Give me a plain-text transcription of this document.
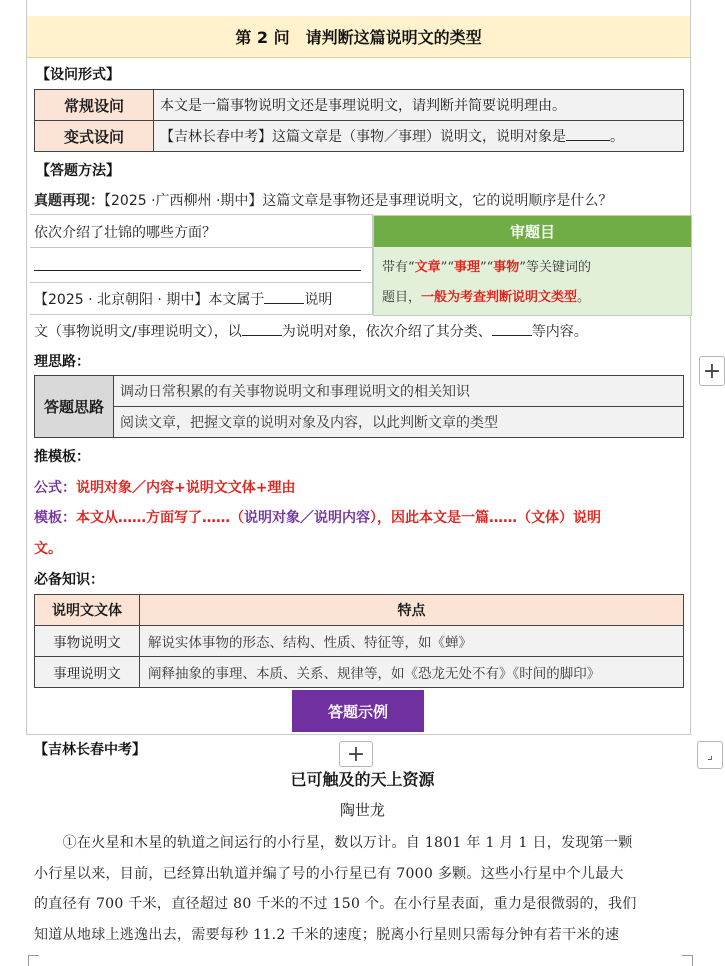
第 2 问　请判断这篇说明文的类型
【设问形式】
常规设问	本文是一篇事物说明文还是事理说明文，请判断并简要说明理由。
变式设问	【吉林长春中考】这篇文章是（事物／事理）说明文，说明对象是 。
【答题方法】
真题再现：【2025 ·广西柳州 ·期中】这篇文章是事物还是事理说明文，它的说明顺序是什么？
依次介绍了壮锦的哪些方面？
【2025 · 北京朝阳 · 期中】本文属于	说明
审题目
带有“文章”“事理”“事物”等关键词的
题目，一般为考查判断说明文类型。
文（事物说明文/事理说明文），以	为说明对象，依次介绍了其分类、	等内容。
理思路：
答题思路	调动日常积累的有关事物说明文和事理说明文的相关知识
阅读文章，把握文章的说明对象及内容，以此判断文章的类型
推模板：
公式：说明对象／内容+说明文文体+理由
模板：本文从……方面写了……（说明对象／说明内容），因此本文是一篇……（文体）说明
文。
必备知识：
说明文文体	特点
事物说明文	解说实体事物的形态、结构、性质、特征等，如《蝉》
事理说明文	阐释抽象的事理、本质、关系、规律等，如《恐龙无处不有》《时间的脚印》
答题示例
【吉林长春中考】	+
+
⌟
已可触及的天上资源
陶世龙
　　①在火星和木星的轨道之间运行的小行星，数以万计。自 1801 年 1 月 1 日，发现第一颗
小行星以来，目前，已经算出轨道并编了号的小行星已有 7000 多颗。这些小行星中个儿最大
的直径有 700 千米，直径超过 80 千米的不过 150 个。在小行星表面，重力是很微弱的，我们
知道从地球上逃逸出去，需要每秒 11.2 千米的速度；脱离小行星则只需每分钟有若干米的速
